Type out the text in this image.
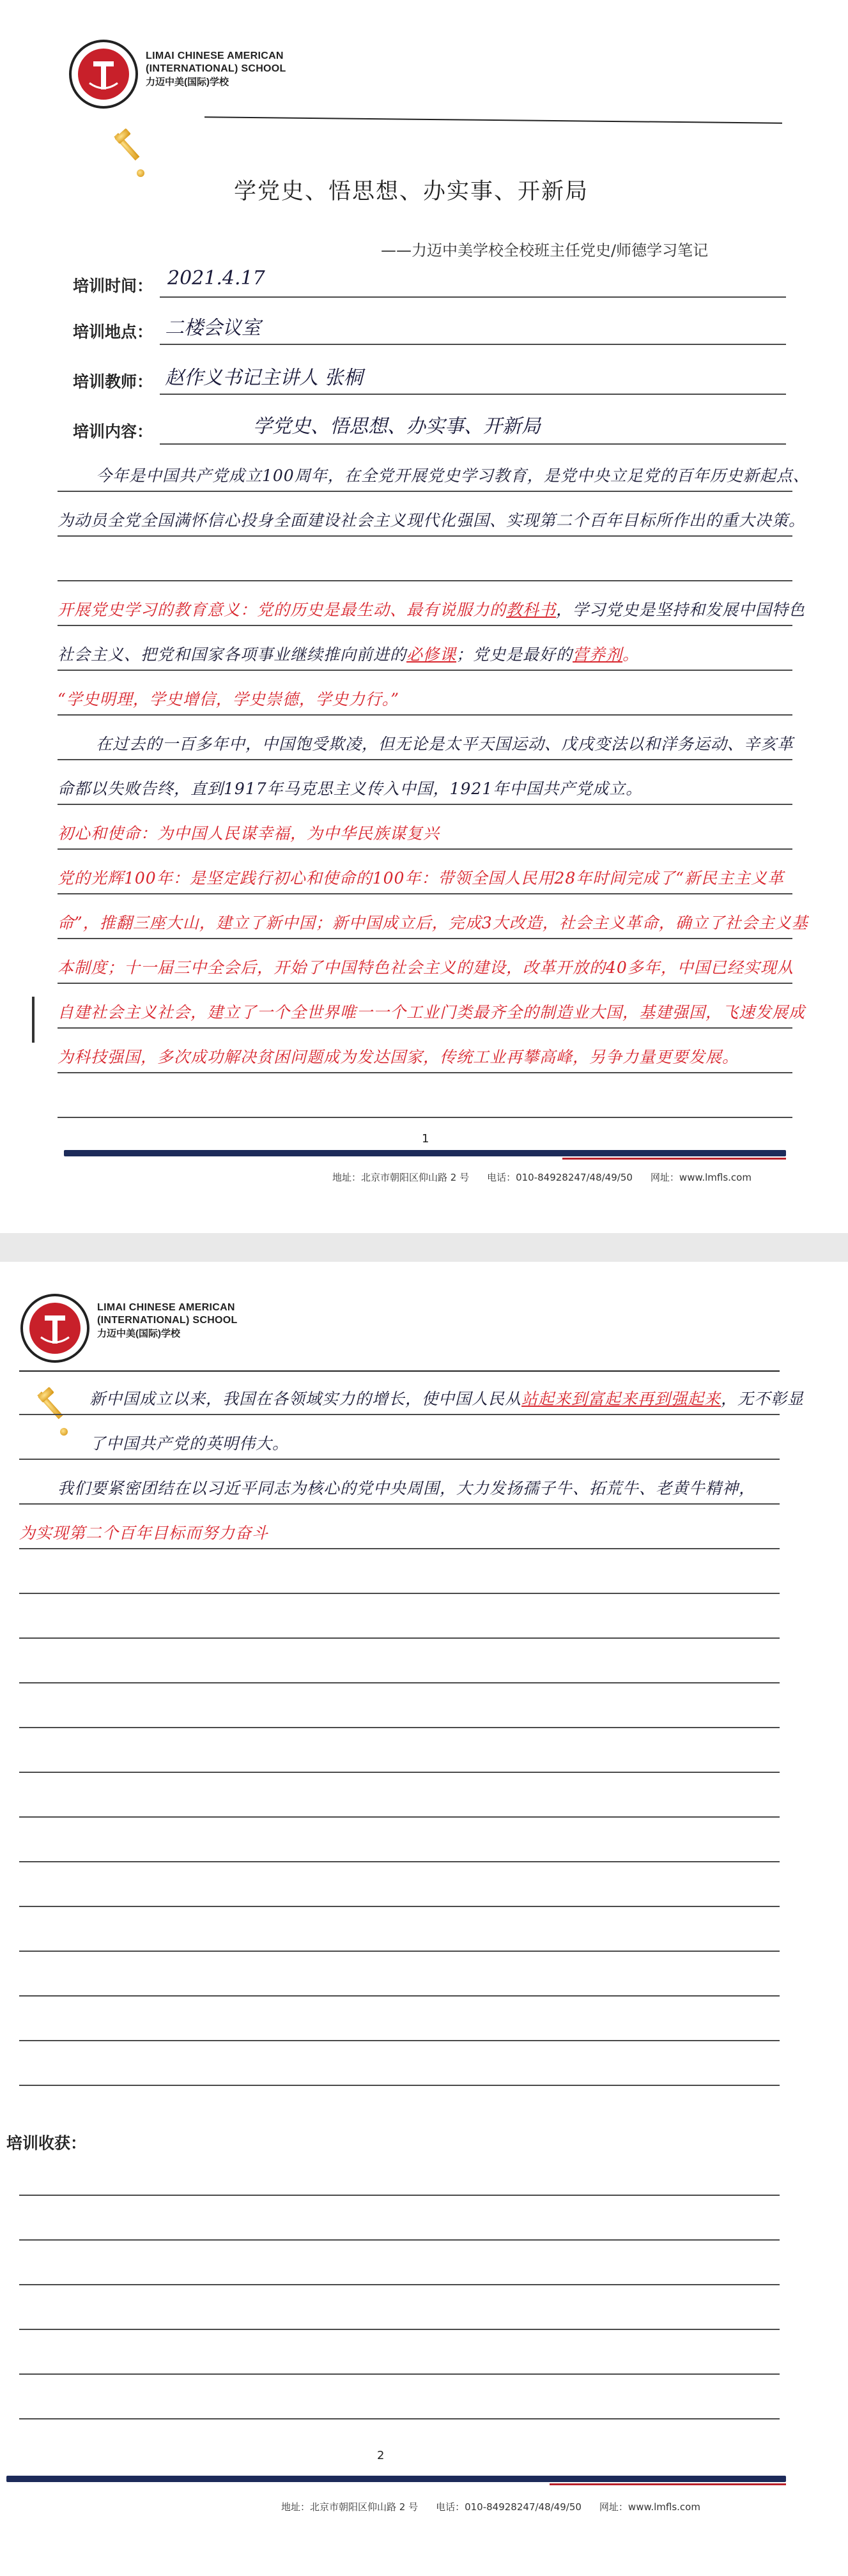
LIMAI CHINESE AMERICAN
(INTERNATIONAL) SCHOOL
力迈中美(国际)学校
学党史、悟思想、办实事、开新局
——力迈中美学校全校班主任党史/师德学习笔记
培训时间： 2021.4.17
培训地点： 二楼会议室
培训教师： 赵作义书记主讲人 张桐
培训内容：	学党史、悟思想、办实事、开新局
今年是中国共产党成立100周年，在全党开展党史学习教育，是党中央立足党的百年历史新起点、为动员全党全国满怀信心投身全面建设社会主义现代化强国、实现第二个百年目标所作出的重大决策。
开展党史学习的教育意义：党的历史是最生动、最有说服力的教科书，学习党史是坚持和发展中国特色社会主义、把党和国家各项事业继续推向前进的必修课；党史是最好的营养剂。
“学史明理，学史增信，学史崇德，学史力行。”
在过去的一百多年中，中国饱受欺凌，但无论是太平天国运动、戊戌变法以和洋务运动、辛亥革命都以失败告终，直到1917年马克思主义传入中国，1921年中国共产党成立。
初心和使命：为中国人民谋幸福，为中华民族谋复兴
党的光辉100年：是坚定践行初心和使命的100年：带领全国人民用28年时间完成了“新民主主义革命”，推翻三座大山，建立了新中国；新中国成立后，完成3大改造，社会主义革命，确立了社会主义基本制度；十一届三中全会后，开始了中国特色社会主义的建设，改革开放的40多年，中国已经实现从自建社会主义社会，建立了一个全世界唯一一个工业门类最齐全的制造业大国，基建强国，飞速发展成为科技强国，多次成功解决贫困问题成为发达国家，传统工业再攀高峰，另争力量更要发展。
1
地址：北京市朝阳区仰山路 2 号 电话：010-84928247/48/49/50 网址：www.lmfls.com
LIMAI CHINESE AMERICAN
(INTERNATIONAL) SCHOOL
力迈中美(国际)学校
新中国成立以来，我国在各领域实力的增长，使中国人民从站起来到富起来再到强起来，无不彰显了中国共产党的英明伟大。
我们要紧密团结在以习近平同志为核心的党中央周围，大力发扬孺子牛、拓荒牛、老黄牛精神，
为实现第二个百年目标而努力奋斗
培训收获：
2
地址：北京市朝阳区仰山路 2 号 电话：010-84928247/48/49/50 网址：www.lmfls.com
